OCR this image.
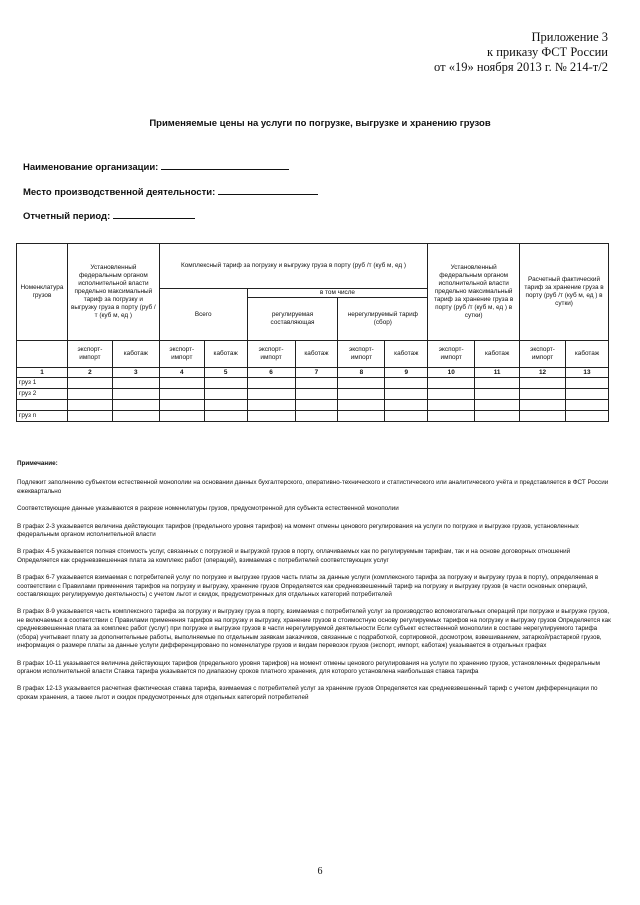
Приложение 3
к приказу ФСТ России
от «19» ноября 2013 г. № 214-т/2
Применяемые цены на услуги по погрузке, выгрузке и хранению грузов
Наименование организации:
Место производственной деятельности:
Отчетный период:
Номенклатура грузов	Установленный федеральным органом исполнительной власти предельно максимальный тариф за погрузку и выгрузку груза в порту (руб /т (куб м, ед )		Комплексный тариф за погрузку и выгрузку груза в порту (руб /т (куб м, ед )						Установленный федеральным органом исполнительной власти предельно максимальный тариф за хранение груза в порту (руб /т (куб м, ед ) в сутки)		Расчетный фактический тариф за хранение груза в порту (руб /т (куб м, ед ) в сутки)	
			Всего		в том числе							
					регулируемая составляющая		нерегулируемый тариф (сбор)					
	экспорт-импорт	каботаж	экспорт-импорт	каботаж	экспорт-импорт	каботаж	экспорт-импорт	каботаж	экспорт-импорт	каботаж	экспорт-импорт	каботаж
1	2	3	4	5	6	7	8	9	10	11	12	13
груз 1												
груз 2												

груз n												

Примечание:

Подлежит заполнению субъектом естественной монополии на основании данных бухгалтерского, оперативно-технического и статистического или аналитического учёта и представляется в ФСТ России ежеквартально

Соответствующие данные указываются в разрезе номенклатуры грузов, предусмотренной для субъекта естественной монополии

В графах 2-3 указывается величина действующих тарифов (предельного уровня тарифов) на момент отмены ценового регулирования на услуги по погрузке и выгрузке грузов, установленных федеральным органом исполнительной власти

В графах 4-5 указывается полная стоимость услуг, связанных с погрузкой и выгрузкой грузов в порту, оплачиваемых как по регулируемым тарифам, так и на основе договорных отношений Определяется как средневзвешенная плата за комплекс работ (операций), взимаемая с потребителей соответствующих услуг

В графах 6-7 указывается взимаемая с потребителей услуг по погрузке и выгрузке грузов часть платы за данные услуги (комплексного тарифа за погрузку и выгрузку груза в порту), определяемая в соответствии с Правилами применения тарифов на погрузку и выгрузку, хранение грузов Определяется как средневзвешенный тариф на погрузку и выгрузку грузов (в части основных операций, составляющих регулируемую деятельность) с учетом льгот и скидок, предусмотренных для отдельных категорий потребителей

В графах 8-9 указывается часть комплексного тарифа за погрузку и выгрузку груза в порту, взимаемая с потребителей услуг за производство вспомогательных операций при погрузке и выгрузке грузов, не включаемых в соответствии с Правилами применения тарифов на погрузку и выгрузку, хранение грузов в стоимостную основу регулируемых тарифов на погрузку и выгрузку грузов Определяется как средневзвешенная плата за комплекс работ (услуг) при погрузке и выгрузке грузов в части нерегулируемой деятельности Если субъект естественной монополии в составе нерегулируемого тарифа (сбора) учитывает плату за дополнительные работы, выполняемые по отдельным заявкам заказчиков, связанные с подработкой, сортировкой, досмотром, взвешиванием, затаркой/растаркой грузов, информация о размере платы за данные услуги дифференцировано по номенклатуре грузов и видам перевозок грузов (экспорт, импорт, каботаж) указывается в отдельных графах

В графах 10-11 указывается величина действующих тарифов (предельного уровня тарифов) на момент отмены ценового регулирования на услуги по хранению грузов, установленных федеральным органом исполнительной власти Ставка тарифа указывается по диапазону сроков платного хранения, для которого установлена наибольшая ставка тарифа

В графах 12-13 указывается расчетная фактическая ставка тарифа, взимаемая с потребителей услуг за хранение грузов Определяется как средневзвешенный тариф с учетом дифференциации по срокам хранения, а также льгот и скидок предусмотренных для отдельных категорий потребителей

6
